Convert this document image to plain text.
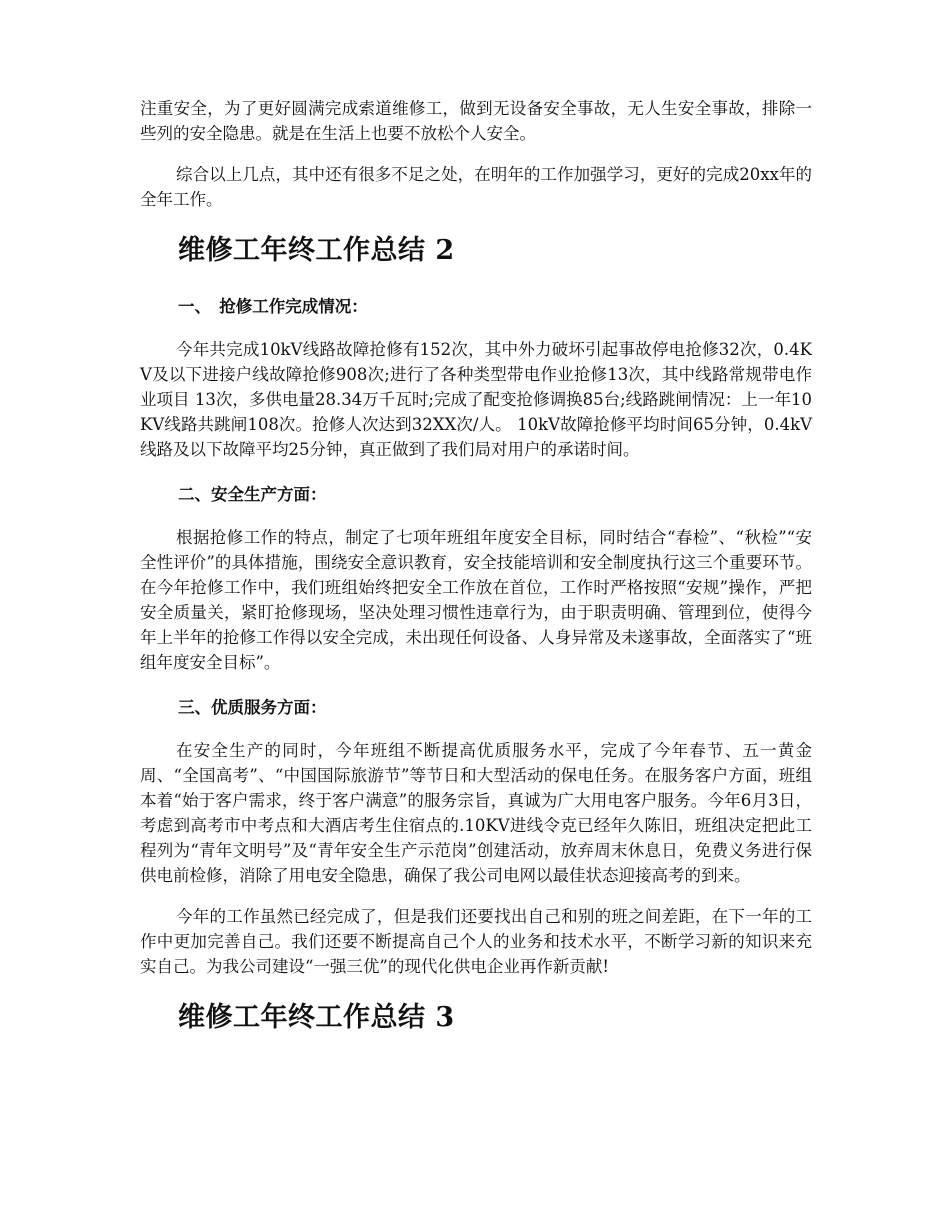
注重安全，为了更好圆满完成索道维修工，做到无设备安全事故，无人生安全事故，排除一些列的安全隐患。就是在生活上也要不放松个人安全。

综合以上几点，其中还有很多不足之处，在明年的工作加强学习，更好的完成20xx年的全年工作。

维修工年终工作总结 2
一、　抢修工作完成情况：

今年共完成10kV线路故障抢修有152次，其中外力破坏引起事故停电抢修32次，0.4KV及以下进接户线故障抢修908次;进行了各种类型带电作业抢修13次，其中线路常规带电作业项目 13次，多供电量28.34万千瓦时;完成了配变抢修调换85台;线路跳闸情况：上一年10KV线路共跳闸108次。抢修人次达到32XX次/人。 10kV故障抢修平均时间65分钟，0.4kV线路及以下故障平均25分钟，真正做到了我们局对用户的承诺时间。

二、安全生产方面：

根据抢修工作的特点，制定了七项年班组年度安全目标，同时结合“春检”、“秋检”“安全性评价”的具体措施，围绕安全意识教育，安全技能培训和安全制度执行这三个重要环节。在今年抢修工作中，我们班组始终把安全工作放在首位，工作时严格按照“安规”操作，严把安全质量关，紧盯抢修现场，坚决处理习惯性违章行为，由于职责明确、管理到位，使得今年上半年的抢修工作得以安全完成，未出现任何设备、人身异常及未遂事故，全面落实了“班组年度安全目标”。

三、优质服务方面：

在安全生产的同时，今年班组不断提高优质服务水平，完成了今年春节、五一黄金周、“全国高考”、“中国国际旅游节”等节日和大型活动的保电任务。在服务客户方面，班组本着“始于客户需求，终于客户满意”的服务宗旨，真诚为广大用电客户服务。今年6月3日，考虑到高考市中考点和大酒店考生住宿点的.10KV进线令克已经年久陈旧，班组决定把此工程列为“青年文明号”及“青年安全生产示范岗”创建活动，放弃周末休息日，免费义务进行保供电前检修，消除了用电安全隐患，确保了我公司电网以最佳状态迎接高考的到来。

今年的工作虽然已经完成了，但是我们还要找出自己和别的班之间差距，在下一年的工作中更加完善自己。我们还要不断提高自己个人的业务和技术水平，不断学习新的知识来充实自己。为我公司建设“一强三优”的现代化供电企业再作新贡献!

维修工年终工作总结 3
